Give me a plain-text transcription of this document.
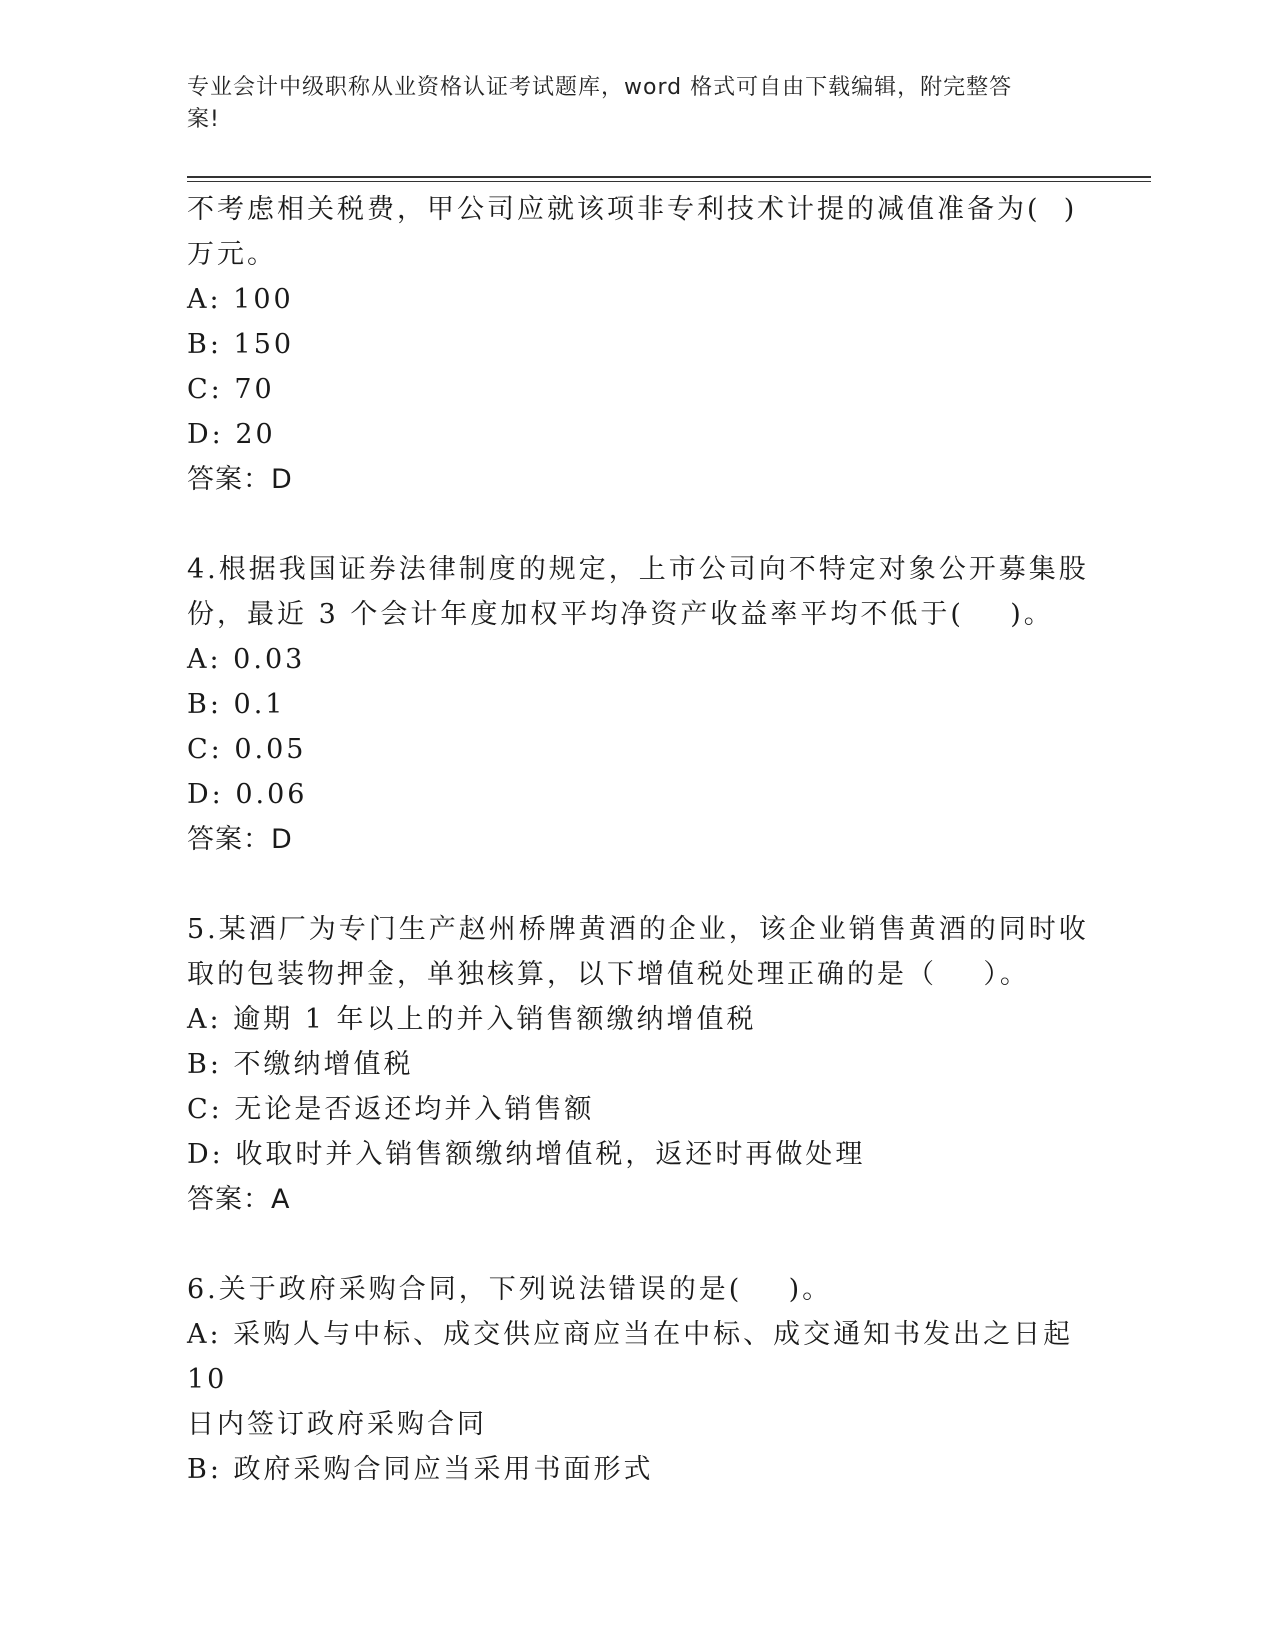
专业会计中级职称从业资格认证考试题库，word 格式可自由下载编辑，附完整答
案!
不考虑相关税费，甲公司应就该项非专利技术计提的减值准备为(  )
万元。
A: 100
B: 150
C: 70
D: 20
答案：D
4.根据我国证券法律制度的规定，上市公司向不特定对象公开募集股
份，最近 3 个会计年度加权平均净资产收益率平均不低于(    )。
A: 0.03
B: 0.1
C: 0.05
D: 0.06
答案：D
5.某酒厂为专门生产赵州桥牌黄酒的企业，该企业销售黄酒的同时收
取的包装物押金，单独核算，以下增值税处理正确的是（    ）。
A: 逾期 1 年以上的并入销售额缴纳增值税
B: 不缴纳增值税
C: 无论是否返还均并入销售额
D: 收取时并入销售额缴纳增值税，返还时再做处理
答案：A
6.关于政府采购合同，下列说法错误的是(    )。
A: 采购人与中标、成交供应商应当在中标、成交通知书发出之日起 10
日内签订政府采购合同
B: 政府采购合同应当采用书面形式
